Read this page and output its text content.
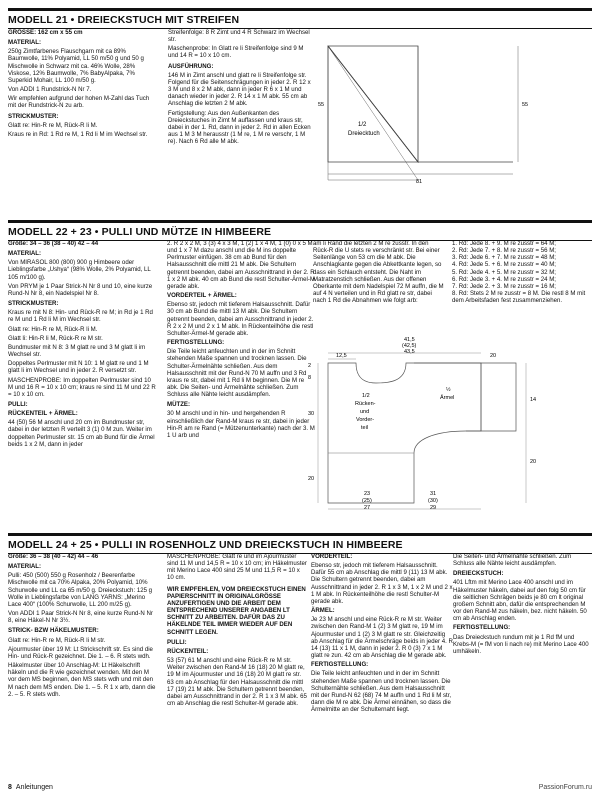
MODELL 21 • DREIECKSTUCH MIT STREIFEN

GRÖSSE: 162 cm x 55 cm

MATERIAL:

250g Zimtfarbenes Flauschgarn mit ca 89% Baumwolle, 11% Polyamid, LL 50 m/50 g und 50 g Mischwolle in Schwarz mit ca. 46% Wolle, 28% Viskose, 12% Baumwolle, 7% BabyAlpaka, 7% Superkid Mohair, LL 100 m/50 g.

Von ADDI 1 Rundstrick-N Nr 7.

Wir empfehlen aufgrund der hohen M-Zahl das Tuch mit der Rundstrick-N zu arb.

STRICKMUSTER:

Glatt re: Hin-R re M, Rück-R li M.

Kraus re in Rd: 1 Rd re M, 1 Rd li M im Wechsel str.

Streifenfolge: 8 R Zimt und 4 R Schwarz im Wechsel str.

Maschenprobe: In Glatt re li Streifenfolge sind 9 M und 14 R = 10 x 10 cm.

AUSFÜHRUNG:

146 M in Zimt anschl und glatt re li Streifenfolge str. Folgend für die Seitenschrägungen in jeder 2. R 12 x 3 M und 8 x 2 M abk, dann in jeder R 6 x 1 M und danach wieder in jeder 2. R 14 x 1 M abk. 55 cm ab Anschlag die letzten 2 M abk.

Fertigstellung: Aus den Außenkanten des Dreieckstuches in Zimt M auffassen und kraus str, dabei in der 1. Rd, dann in jeder 2. Rd in allen Ecken aus 1 M 3 M herausstr (1 M re, 1 M re verschr, 1 M re). Nach 6 Rd alle M abk.

55	55
81
1/2
Dreiecktuch
MODELL 22 + 23 • PULLI UND MÜTZE IN HIMBEERE

Größe: 34 – 36 (38 – 40) 42 – 44

MATERIAL:

Von MIRASOL 800 (800) 900 g Himbeere oder Lieblingsfarbe „Ushya“ (98% Wolle, 2% Polyamid, LL 105 m/100 g).

Von PRYM je 1 Paar Strick-N Nr 8 und 10, eine kurze Rund-N Nr 8, ein Nadelspiel Nr 8.

STRICKMUSTER:

Kraus re mit N 8: Hin- und Rück-R re M; in Rd je 1 Rd re M und 1 Rd li M im Wechsel str.

Glatt re: Hin-R re M, Rück-R li M.

Glatt li: Hin-R li M, Rück-R re M str.

Bundmuster mit N 8: 3 M glatt re und 3 M glatt li im Wechsel str.

Doppeltes Perlmuster mit N 10: 1 M glatt re und 1 M glatt li im Wechsel und in jeder 2. R versetzt str.

MASCHENPROBE: Im doppelten Perlmuster sind 10 M und 16 R = 10 x 10 cm; kraus re sind 11 M und 22 R = 10 x 10 cm.

PULLI:

RÜCKENTEIL + ÄRMEL:

44 (50) 56 M anschl und 20 cm im Bundmuster str, dabei in der letzten R verteilt 3 (1) 0 M zun. Weiter im doppelten Perlmuster str. 15 cm ab Bund für die Ärmel beids 1 x 2 M, dann in jeder

2. R 2 x 2 M, 3 (3) 4 x 3 M, 1 (2) 1 x 4 M, 1 (0) 0 x 5 M und 1 x 7 M dazu anschl und die M ins doppelte Perlmuster einfügen. 38 cm ab Bund für den Halsausschnitt die mittl 21 M abk. Die Schultern getrennt beenden, dabei am Ausschnittrand in der 2. R 1 x 2 M abk. 40 cm ab Bund die restl Schulter-Ärmel-M gerade abk.

VORDERTEIL + ÄRMEL:

Ebenso str, jedoch mit tieferem Halsausschnitt. Dafür 30 cm ab Bund die mittl 13 M abk. Die Schultern getrennt beenden, dabei am Ausschnittrand in jeder 2. R 2 x 2 M und 2 x 1 M abk. In Rückenteilhöhe die restl Schulter-Ärmel-M gerade abk.

FERTIGSTELLUNG:

Die Teile leicht anfeuchten und in der im Schnitt stehenden Maße spannen und trocknen lassen. Die Schulter-Ärmelnähte schließen. Aus dem Halsausschnitt mit der Rund-N 70 M auffn und 3 Rd kraus re str, dabei mit 1 Rd li M beginnen. Die M re abk. Die Seiten- und Ärmelnähte schließen. Zum Schluss alle Nähte leicht ausdämpfen.

MÜTZE:

30 M anschl und in hin- und hergehenden R einschließlich der Rand-M kraus re str, dabei in jeder Hin-R am re Rand (= Mützenunterkante) nach der 3. M 1 U arb und

am li Rand die letzten 2 M re zusstr. In den Rück-R die U stets re verschränkt str. Bei einer Seitenlänge von 53 cm die M abk. Die Anschlagkante gegen die Abkettkante legen, so dass ein Schlauch entsteht. Die Naht im Matratzenstich schließen. Aus der offenen Oberkante mit dem Nadelspiel 72 M auffn, die M auf 4 N verteilen und in Rd glatt re str, dabei nach 1 Rd die Abnahmen wie folgt arb:

1. Rd: Jede 8. + 9. M re zusstr = 64 M;

2. Rd: Jede 7. + 8. M re zusstr = 56 M;

3. Rd: Jede 6. + 7. M re zusstr = 48 M;

4. Rd: Jede 5. + 6. M re zusstr = 40 M;

5. Rd: Jede 4. + 5. M re zusstr = 32 M;

6. Rd: Jede 3. + 4. M re zusstr = 24 M;

7. Rd: Jede 2. + 3. M re zusstr = 16 M;

8. Rd: Stets 2 M re zusstr = 8 M. Die restl 8 M mit dem Arbeitsfaden fest zusammenziehen.

41,5
(42,5)
43,5
12,5	20
2
8
30
20
14
20
23
(25)
27
31
(30)
29
1/2
Rücken-
und
Vorder-
teil
½
Ärmel
MODELL 24 + 25 • PULLI IN ROSENHOLZ UND DREIECKSTUCH IN HIMBEERE

Größe: 36 – 38 (40 – 42) 44 – 46

MATERIAL:

Pulli: 450 (500) 550 g Rosenholz / Beerenfarbe Mischwolle mit ca 70% Alpaka, 20% Polyamid, 10% Schurwolle und LL ca 65 m/50 g. Dreieckstuch: 125 g Wolle in Lieblingsfarbe von LANG YARNS: „Merino Lace 400“ (100% Schurwolle, LL 200 m/25 g).

Von ADDI 1 Paar Strick-N Nr 8, eine kurze Rund-N Nr 8, eine Häkel-N Nr 3½.

STRICK- BZW HÄKELMUSTER:

Glatt re: Hin-R re M, Rück-R li M str.

Ajourmuster über 19 M: Lt Strickschrift str. Es sind die Hin- und Rück-R gezeichnet. Die 1. – 6. R stets wdh.

Häkelmuster über 10 Anschlag-M: Lt Häkelschrift häkeln und die R wie gezeichnet wenden. Mit den M vor dem MS beginnen, den MS stets wdh und mit den M nach dem MS enden. Die 1. – 5. R 1 x arb, dann die 2. – 5. R stets wdh.

MASCHENPROBE: Glatt re und im Ajourmuster sind 11 M und 14,5 R = 10 x 10 cm; im Häkelmuster mit Merino Lace 400 sind 25 M und 11,5 R = 10 x 10 cm.

WIR EMPFEHLEN, VOM DREIECKSTUCH EINEN PAPIERSCHNITT IN ORIGINALGRÖSSE ANZUFERTIGEN UND DIE ARBEIT DEM ENTSPRECHEND UNSERER ANGABEN LT SCHNITT ZU ARBEITEN. DAFÜR DAS ZU HÄKELNDE TEIL IMMER WIEDER AUF DEN SCHNITT LEGEN.

PULLI:

RÜCKENTEIL:

53 (57) 61 M anschl und eine Rück-R re M str. Weiter zwischen den Rand-M 16 (18) 20 M glatt re, 19 M im Ajourmuster und 16 (18) 20 M glatt re str. 63 cm ab Anschlag für den Halsausschnitt die mittl 17 (19) 21 M abk. Die Schultern getrennt beenden, dabei am Ausschnittrand in der 2. R 1 x 3 M abk. 65 cm ab Anschlag die restl Schulter-M gerade abk.

VORDERTEIL:

Ebenso str, jedoch mit tieferem Halsausschnitt. Dafür 55 cm ab Anschlag die mittl 9 (11) 13 M abk. Die Schultern getrennt beenden, dabei am Ausschnittrand in jeder 2. R 1 x 3 M, 1 x 2 M und 2 x 1 M abk. In Rückenteilhöhe die restl Schulter-M gerade abk.

ÄRMEL:

Je 23 M anschl und eine Rück-R re M str. Weiter zwischen den Rand-M 1 (2) 3 M glatt re, 19 M im Ajourmuster und 1 (2) 3 M glatt re str. Gleichzeitig ab Anschlag für die Ärmelschräge beids in jeder 4. R 14 (13) 11 x 1 M, dann in jeder 2. R 0 (3) 7 x 1 M glatt re zun. 42 cm ab Anschlag die M gerade abk.

FERTIGSTELLUNG:

Die Teile leicht anfeuchten und in der im Schnitt stehenden Maße spannen und trocknen lassen. Die Schulternähte schließen. Aus dem Halsausschnitt mit der Rund-N 62 (68) 74 M auffn und 1 Rd li M str, dann die M re abk. Die Ärmel einnähen, so dass die Ärmelmitte an der Schulternaht liegt.

Die Seiten- und Ärmelnähte schließen. Zum Schluss alle Nähte leicht ausdämpfen.

DREIECKSTUCH:

401 Lftm mit Merino Lace 400 anschl und im Häkelmuster häkeln, dabei auf den folg 50 cm für die seitlichen Schrägen beids je 80 cm lt original großem Schnitt abn, dafür die entsprechenden M vor den Rand-M zus häkeln, bez. nicht häkeln. 50 cm ab Anschlag enden.

FERTIGSTELLUNG:

Das Dreieckstuch rundum mit je 1 Rd fM und Krebs-M (= fM von li nach re) mit Merino Lace 400 umhäkeln.

8 Anleitungen	PassionForum.ru
